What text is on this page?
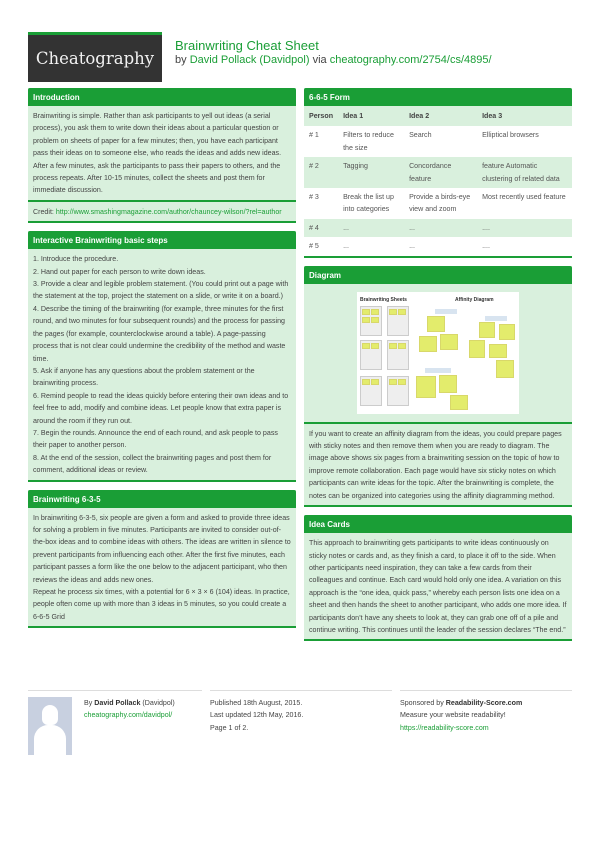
Cheatography
Brainwriting Cheat Sheet
by David Pollack (Davidpol) via cheatography.com/2754/cs/4895/
Introduction
Brainwriting is simple. Rather than ask participants to yell out ideas (a serial process), you ask them to write down their ideas about a particular question or problem on sheets of paper for a few minutes; then, you have each participant pass their ideas on to someone else, who reads the ideas and adds new ideas. After a few minutes, ask the participants to pass their papers to others, and the process repeats. After 10-15 minutes, collect the sheets and post them for immediate discussion.
Credit: http://www.smashingmagazine.com/author/chauncey-wilson/?rel=author
Interactive Brainwriting basic steps
1. Introduce the procedure.
2. Hand out paper for each person to write down ideas.
3. Provide a clear and legible problem statement. (You could print out a page with the statement at the top, project the statement on a slide, or write it on a board.)
4. Describe the timing of the brainwriting (for example, three minutes for the first round, and two minutes for four subsequent rounds) and the process for passing the pages (for example, counterclockwise around a table). A page-passing process that is not clear could undermine the credibility of the method and waste time.
5. Ask if anyone has any questions about the problem statement or the brainwriting process.
6. Remind people to read the ideas quickly before entering their own ideas and to feel free to add, modify and combine ideas. Let people know that extra paper is around the room if they run out.
7. Begin the rounds. Announce the end of each round, and ask people to pass their paper to another person.
8. At the end of the session, collect the brainwriting pages and post them for comment, additional ideas or review.
Brainwriting 6-3-5
In brainwriting 6-3-5, six people are given a form and asked to provide three ideas for solving a problem in five minutes. Participants are invited to consider out-of-the-box ideas and to combine ideas with others. The ideas are written in silence to prevent participants from influencing each other. After the first five minutes, each participant passes a form like the one below to the adjacent participant, who then reviews the ideas and adds new ones.
Repeat he process six times, with a potential for 6 × 3 × 6 (104) ideas. In practice, people often come up with more than 3 ideas in 5 minutes, so you could create a 6-6-5 Grid
6-6-5 Form
Person	Idea 1	Idea 2	Idea 3
# 1	Filters to reduce the size	Search	Elliptical browsers
# 2	Tagging	Concordance feature	feature Automatic clustering of related data
# 3	Break the list up into categories	Provide a birds-eye view and zoom	Most recently used feature
# 4	...	...	....
# 5	...	...	....
Diagram
Brainwriting Sheets	Affinity Diagram
If you want to create an affinity diagram from the ideas, you could prepare pages with sticky notes and then remove them when you are ready to diagram. The image above shows six pages from a brainwriting session on the topic of how to improve remote collaboration. Each page would have six sticky notes on which participants can write ideas for the topic. After the brainwriting is complete, the notes can be organized into categories using the affinity diagramming method.
Idea Cards
This approach to brainwriting gets participants to write ideas continuously on sticky notes or cards and, as they finish a card, to place it off to the side. When other participants need inspiration, they can take a few cards from their colleagues and continue. Each card would hold only one idea. A variation on this approach is the “one idea, quick pass,” whereby each person lists one idea on a sheet and then hands the sheet to another participant, who adds one more idea. If participants don’t have any sheets to look at, they can grab one off of a pile and continue writing. This continues until the leader of the session declares “The end.”
By David Pollack (Davidpol)
cheatography.com/davidpol/
Published 18th August, 2015.
Last updated 12th May, 2016.
Page 1 of 2.
Sponsored by Readability-Score.com
Measure your website readability!
https://readability-score.com
